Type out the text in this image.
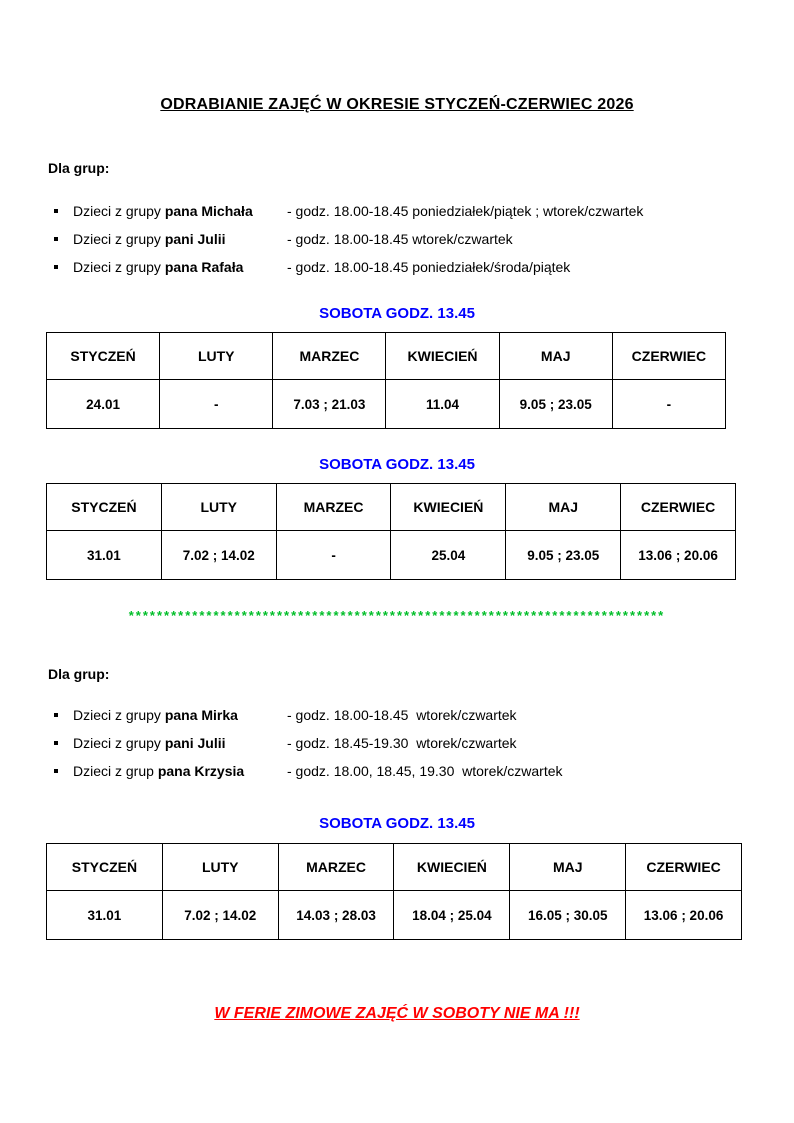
ODRABIANIE ZAJĘĆ W OKRESIE STYCZEŃ-CZERWIEC 2026
Dla grup:
Dzieci z grupy pana Michała	- godz. 18.00-18.45 poniedziałek/piątek ; wtorek/czwartek
Dzieci z grupy pani Julii	- godz. 18.00-18.45 wtorek/czwartek
Dzieci z grupy pana Rafała	- godz. 18.00-18.45 poniedziałek/środa/piątek
SOBOTA GODZ. 13.45
STYCZEŃ	LUTY	MARZEC	KWIECIEŃ	MAJ	CZERWIEC
24.01	-	7.03 ; 21.03	11.04	9.05 ; 23.05	-
SOBOTA GODZ. 13.45
STYCZEŃ	LUTY	MARZEC	KWIECIEŃ	MAJ	CZERWIEC
31.01	7.02 ; 14.02	-	25.04	9.05 ; 23.05	13.06 ; 20.06
****************************************************************************
Dla grup:
Dzieci z grupy pana Mirka	- godz. 18.00-18.45  wtorek/czwartek
Dzieci z grupy pani Julii	- godz. 18.45-19.30  wtorek/czwartek
Dzieci z grup pana Krzysia	- godz. 18.00, 18.45, 19.30  wtorek/czwartek
SOBOTA GODZ. 13.45
STYCZEŃ	LUTY	MARZEC	KWIECIEŃ	MAJ	CZERWIEC
31.01	7.02 ; 14.02	14.03 ; 28.03	18.04 ; 25.04	16.05 ; 30.05	13.06 ; 20.06
W FERIE ZIMOWE ZAJĘĆ W SOBOTY NIE MA !!!
